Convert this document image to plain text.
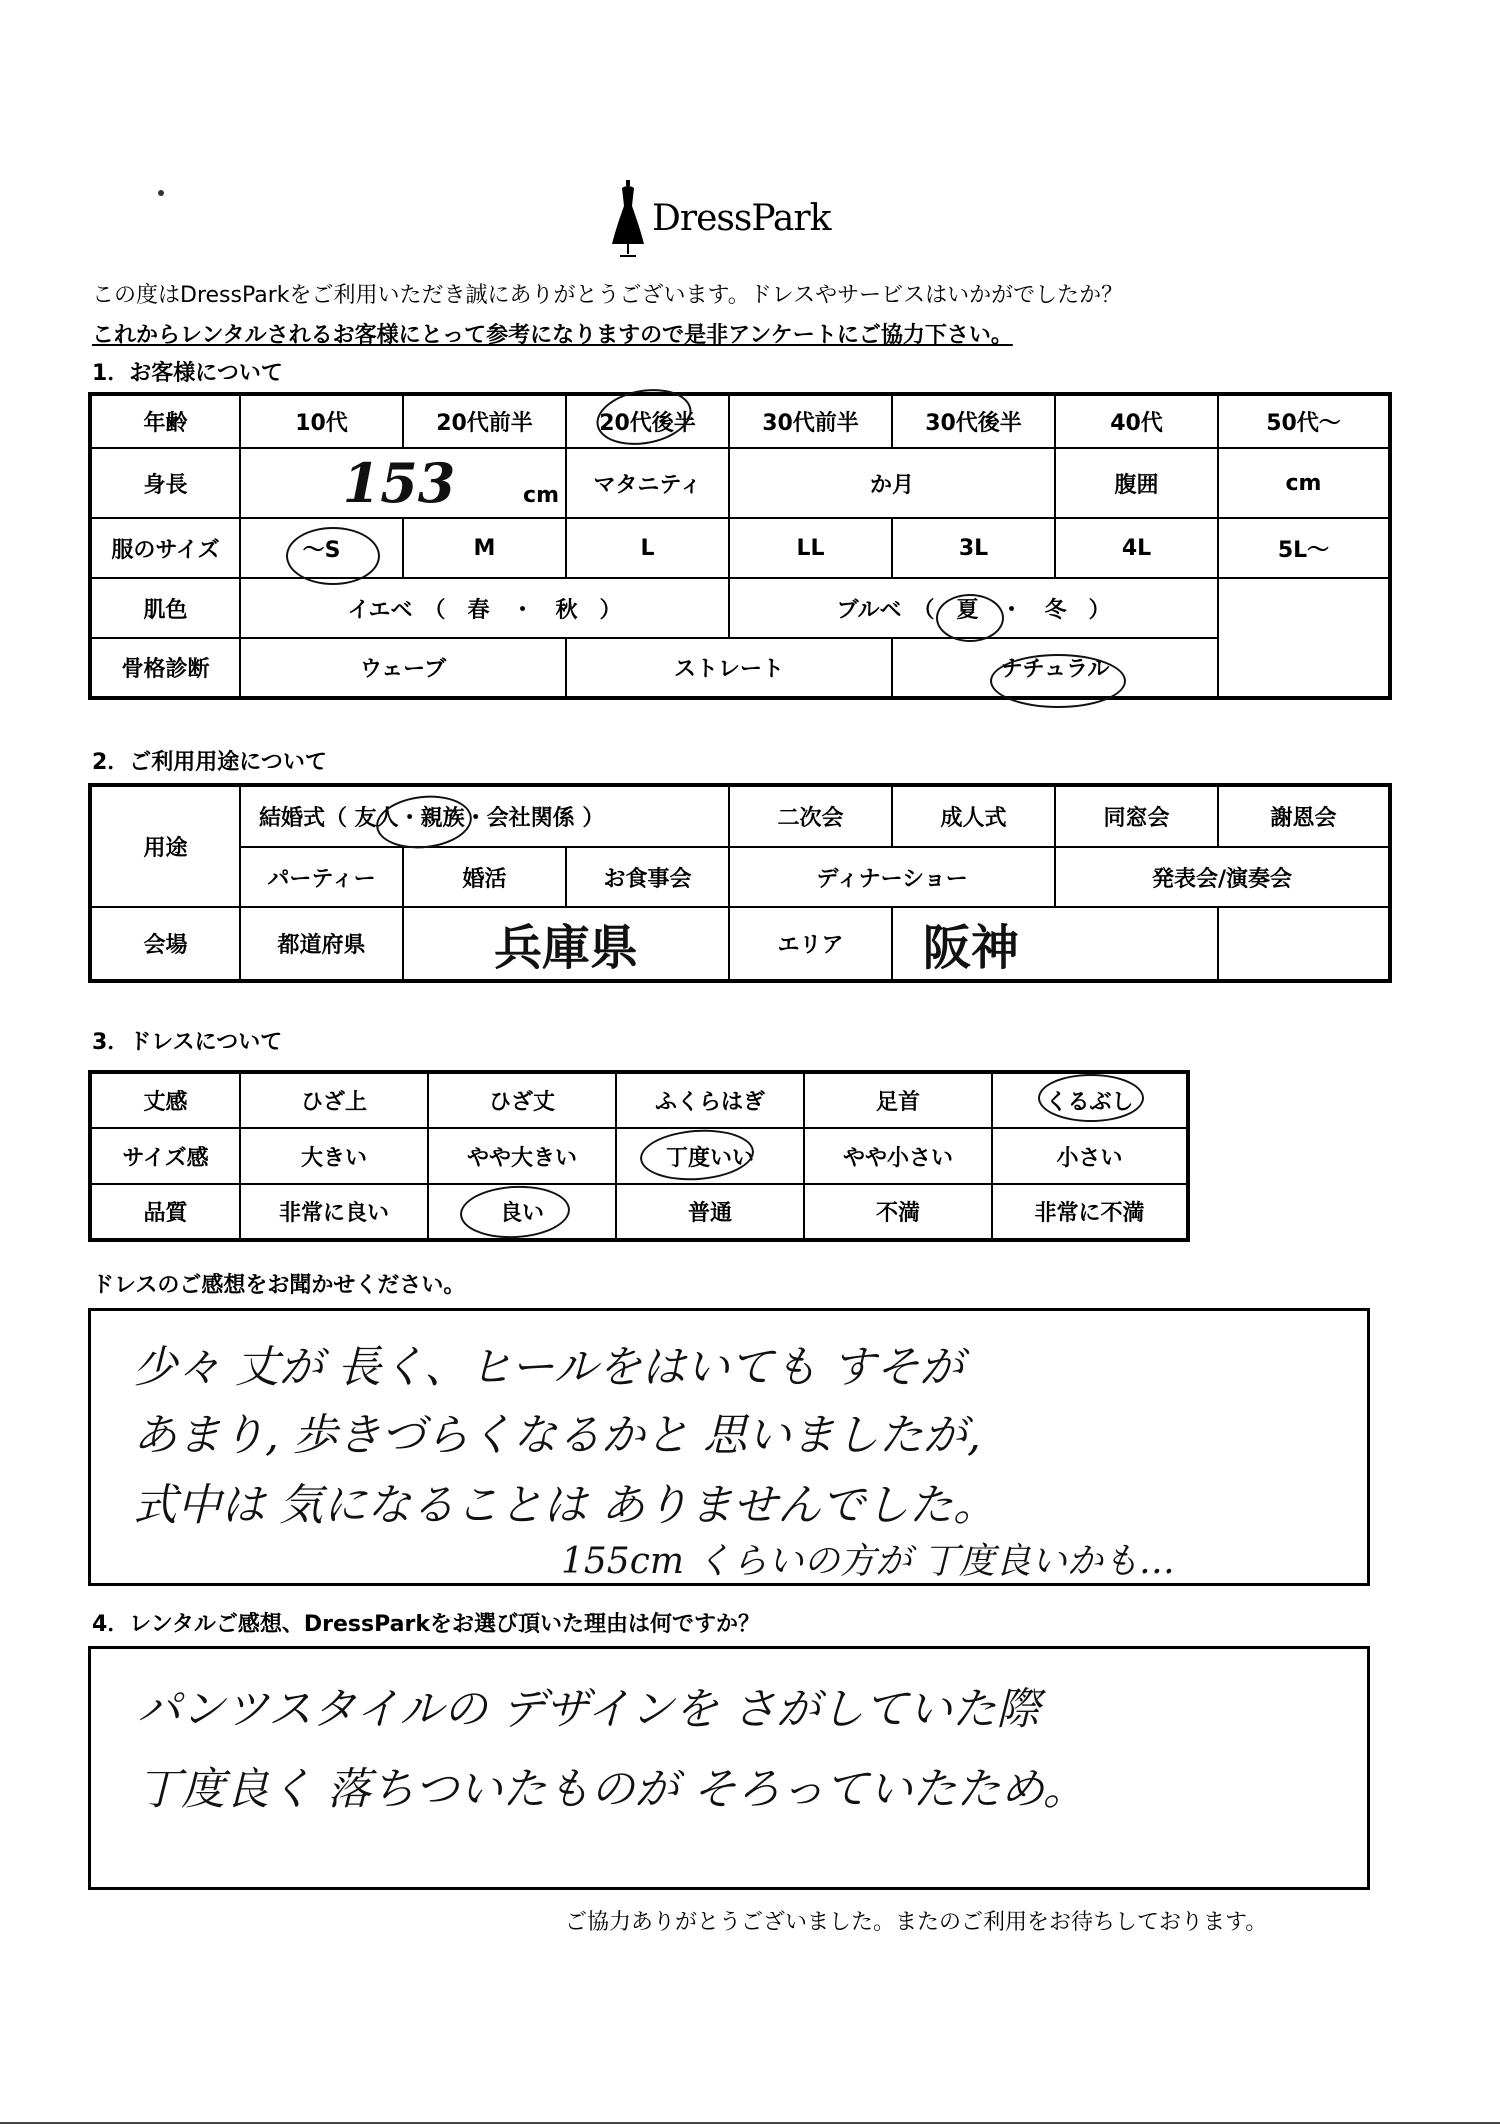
DressPark
この度はDressParkをご利用いただき誠にありがとうございます。ドレスやサービスはいかがでしたか？
これからレンタルされるお客様にとって参考になりますので是非アンケートにご協力下さい。
1．お客様について
年齢	10代	20代前半	20代後半	30代前半	30代後半	40代	50代～
身長	153 cm		マタニティ	か月		腹囲	cm
服のサイズ	～S	M	L	LL	3L	4L	5L～
肌色	イエベ　（　春　・　秋　）			ブルベ　（　夏　・　冬　）			
骨格診断	ウェーブ		ストレート		ナチュラル		
2．ご利用用途について
用途	結婚式（ 友人・親族・会社関係 ）			二次会	成人式	同窓会	謝恩会
	パーティー	婚活	お食事会	ディナーショー		発表会/演奏会	
会場	都道府県	兵庫県		エリア	阪神		
3．ドレスについて
丈感	ひざ上	ひざ丈	ふくらはぎ	足首	くるぶし
サイズ感	大きい	やや大きい	丁度いい	やや小さい	小さい
品質	非常に良い	良い	普通	不満	非常に不満
ドレスのご感想をお聞かせください。
少々 丈が 長く、ヒールをはいても すそが
あまり, 歩きづらくなるかと 思いましたが,
式中は 気になることは ありませんでした。
155cm くらいの方が 丁度良いかも…
4．レンタルご感想、DressParkをお選び頂いた理由は何ですか？
パンツスタイルの デザインを さがしていた際
丁度良く 落ちついたものが そろっていたため。
ご協力ありがとうございました。またのご利用をお待ちしております。
